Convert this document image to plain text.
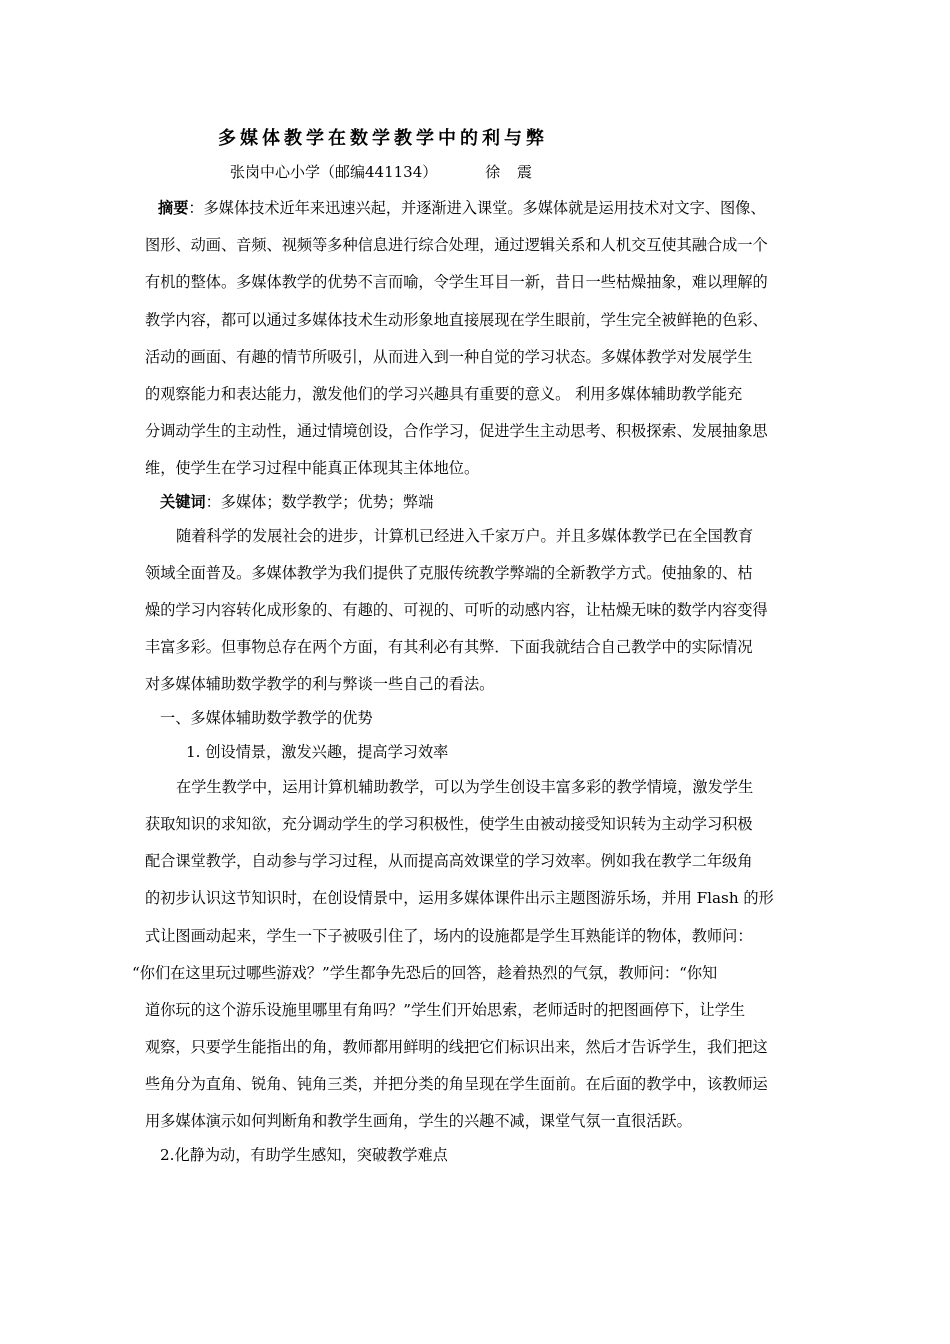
多媒体教学在数学教学中的利与弊
张岗中心小学（邮编441134）	徐 震
摘要：多媒体技术近年来迅速兴起，并逐渐进入课堂。多媒体就是运用技术对文字、图像、
图形、动画、音频、视频等多种信息进行综合处理，通过逻辑关系和人机交互使其融合成一个
有机的整体。多媒体教学的优势不言而喻，令学生耳目一新，昔日一些枯燥抽象，难以理解的
教学内容，都可以通过多媒体技术生动形象地直接展现在学生眼前，学生完全被鲜艳的色彩、
活动的画面、有趣的情节所吸引，从而进入到一种自觉的学习状态。多媒体教学对发展学生
的观察能力和表达能力，激发他们的学习兴趣具有重要的意义。 利用多媒体辅助教学能充
分调动学生的主动性，通过情境创设，合作学习，促进学生主动思考、积极探索、发展抽象思
维，使学生在学习过程中能真正体现其主体地位。
关键词：多媒体；数学教学；优势；弊端
随着科学的发展社会的进步，计算机已经进入千家万户。并且多媒体教学已在全国教育
领域全面普及。多媒体教学为我们提供了克服传统教学弊端的全新教学方式。使抽象的、枯
燥的学习内容转化成形象的、有趣的、可视的、可听的动感内容，让枯燥无味的数学内容变得
丰富多彩。但事物总存在两个方面，有其利必有其弊．下面我就结合自己教学中的实际情况
对多媒体辅助数学教学的利与弊谈一些自己的看法。
一、多媒体辅助数学教学的优势
1. 创设情景，激发兴趣，提高学习效率
在学生教学中，运用计算机辅助教学，可以为学生创设丰富多彩的教学情境，激发学生
获取知识的求知欲，充分调动学生的学习积极性，使学生由被动接受知识转为主动学习积极
配合课堂教学，自动参与学习过程，从而提高高效课堂的学习效率。例如我在教学二年级角
的初步认识这节知识时，在创设情景中，运用多媒体课件出示主题图游乐场，并用 Flash 的形
式让图画动起来，学生一下子被吸引住了，场内的设施都是学生耳熟能详的物体，教师问：
“你们在这里玩过哪些游戏？”学生都争先恐后的回答，趁着热烈的气氛，教师问：“你知
道你玩的这个游乐设施里哪里有角吗？”学生们开始思索，老师适时的把图画停下，让学生
观察，只要学生能指出的角，教师都用鲜明的线把它们标识出来，然后才告诉学生，我们把这
些角分为直角、锐角、钝角三类，并把分类的角呈现在学生面前。在后面的教学中，该教师运
用多媒体演示如何判断角和教学生画角，学生的兴趣不减，课堂气氛一直很活跃。
2.化静为动，有助学生感知，突破教学难点
